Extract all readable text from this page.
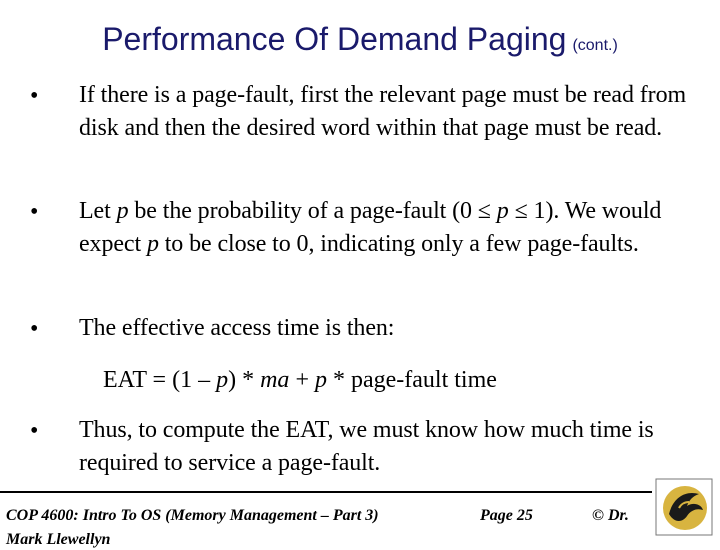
Performance Of Demand Paging (cont.)
• If there is a page-fault, first the relevant page must be read from disk and then the desired word within that page must be read.
• Let p be the probability of a page-fault (0 ≤ p ≤ 1). We would expect p to be close to 0, indicating only a few page-faults.
• The effective access time is then:
EAT = (1 – p) * ma + p * page-fault time
• Thus, to compute the EAT, we must know how much time is required to service a page-fault.
COP 4600: Intro To OS (Memory Management – Part 3)	Page 25	© Dr.
Mark Llewellyn
